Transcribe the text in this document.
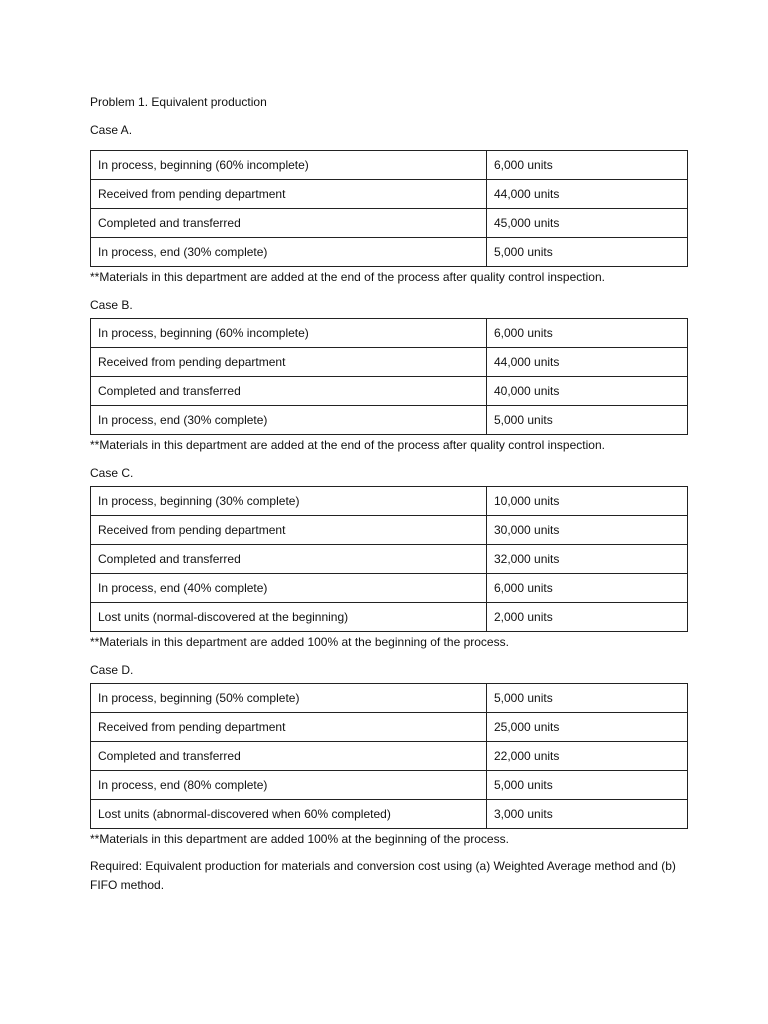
Problem 1. Equivalent production

Case A.

In process, beginning (60% incomplete)	6,000 units
Received from pending department	44,000 units
Completed and transferred	45,000 units
In process, end (30% complete)	5,000 units

**Materials in this department are added at the end of the process after quality control inspection.

Case B.

In process, beginning (60% incomplete)	6,000 units
Received from pending department	44,000 units
Completed and transferred	40,000 units
In process, end (30% complete)	5,000 units

**Materials in this department are added at the end of the process after quality control inspection.

Case C.

In process, beginning (30% complete)	10,000 units
Received from pending department	30,000 units
Completed and transferred	32,000 units
In process, end (40% complete)	6,000 units
Lost units (normal-discovered at the beginning)	2,000 units

**Materials in this department are added 100% at the beginning of the process.

Case D.

In process, beginning (50% complete)	5,000 units
Received from pending department	25,000 units
Completed and transferred	22,000 units
In process, end (80% complete)	5,000 units
Lost units (abnormal-discovered when 60% completed)	3,000 units

**Materials in this department are added 100% at the beginning of the process.

Required: Equivalent production for materials and conversion cost using (a) Weighted Average method and (b) FIFO method.
